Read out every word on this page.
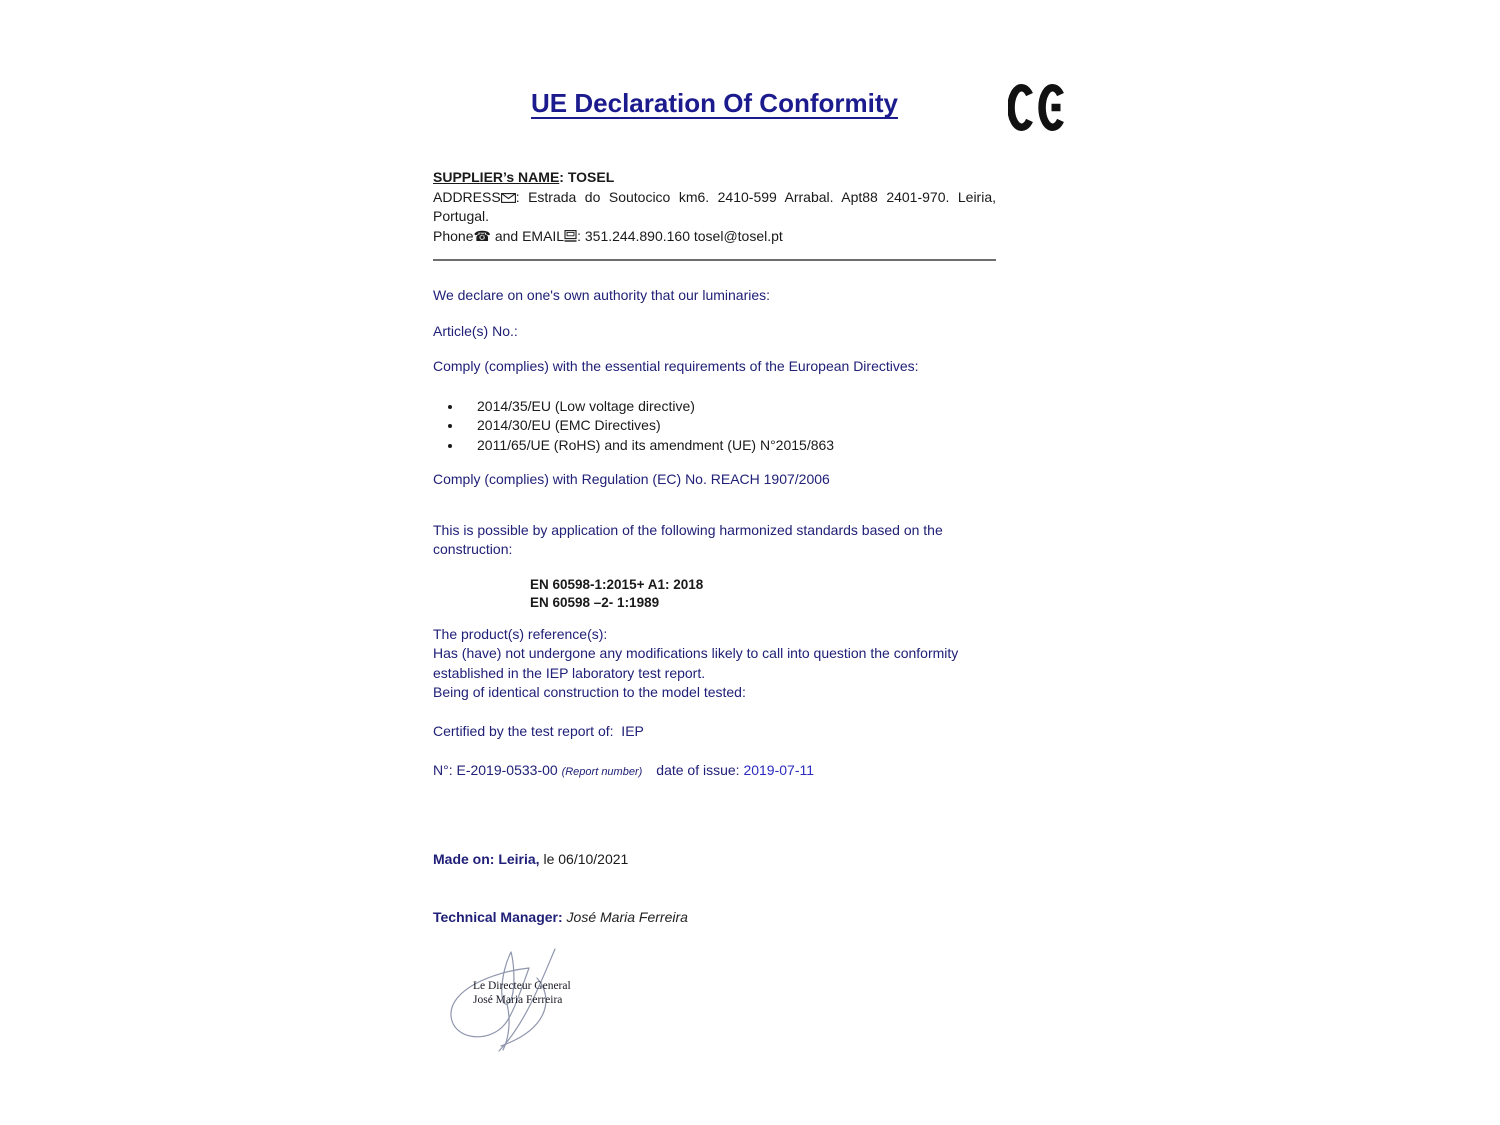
UE Declaration Of Conformity

SUPPLIER’s NAME: TOSEL

ADDRESS : Estrada do Soutocico km6. 2410-599 Arrabal. Apt88 2401-970. Leiria,

Portugal.

Phone☎ and EMAIL : 351.244.890.160 tosel@tosel.pt

We declare on one's own authority that our luminaries:

Article(s) No.:

Comply (complies) with the essential requirements of the European Directives:

• 2014/35/EU (Low voltage directive)
• 2014/30/EU (EMC Directives)
• 2011/65/UE (RoHS) and its amendment (UE) N°2015/863

Comply (complies) with Regulation (EC) No. REACH 1907/2006

This is possible by application of the following harmonized standards based on the

construction:

EN 60598-1:2015+ A1: 2018

EN 60598 –2- 1:1989

The product(s) reference(s):

Has (have) not undergone any modifications likely to call into question the conformity

established in the IEP laboratory test report.

Being of identical construction to the model tested:

Certified by the test report of:  IEP

N°: E-2019-0533-00 (Report number) date of issue: 2019-07-11

Made on: Leiria, le 06/10/2021

Technical Manager: José Maria Ferreira

Le Directeur General
José Maria Ferreira
